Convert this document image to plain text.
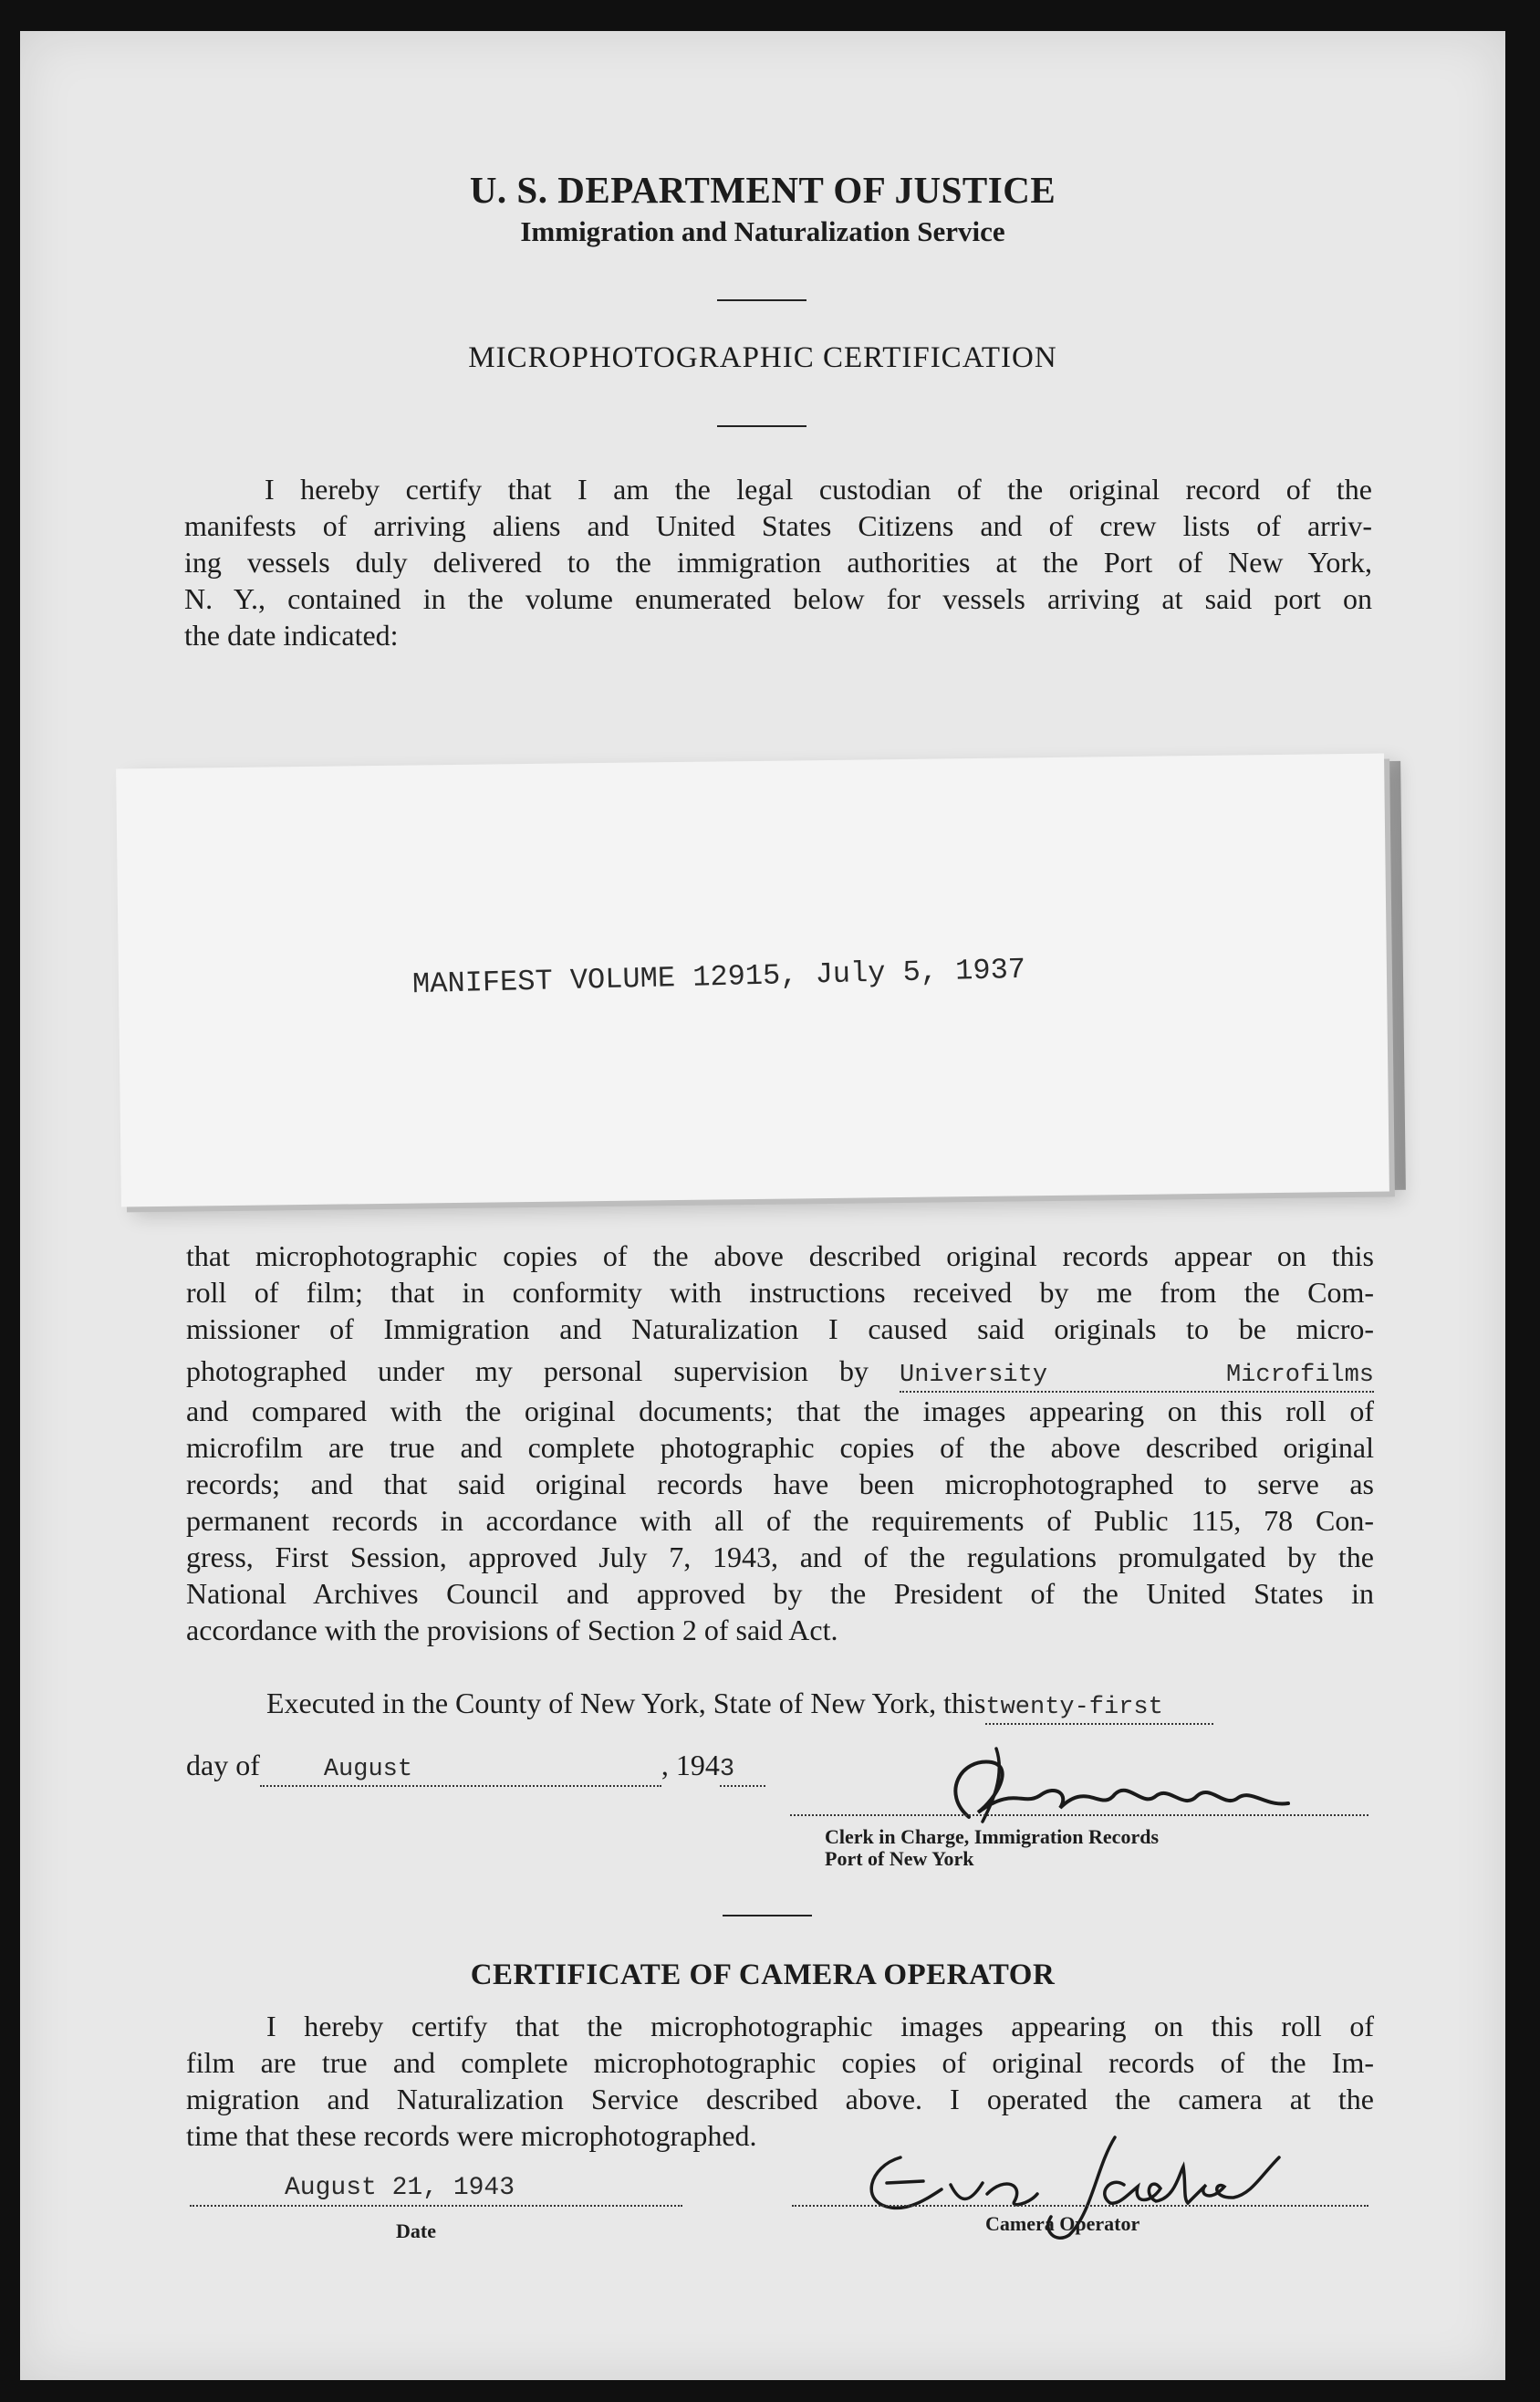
U. S. DEPARTMENT OF JUSTICE
Immigration and Naturalization Service
MICROPHOTOGRAPHIC CERTIFICATION
I hereby certify that I am the legal custodian of the original record of the
manifests of arriving aliens and United States Citizens and of crew lists of arriv-
ing vessels duly delivered to the immigration authorities at the Port of New York,
N. Y., contained in the volume enumerated below for vessels arriving at said port on
the date indicated:
MANIFEST VOLUME 12915, July 5, 1937
that microphotographic copies of the above described original records appear on this
roll of film; that in conformity with instructions received by me from the Com-
missioner of Immigration and Naturalization I caused said originals to be micro-
photographed under my personal supervision by University Microfilms
and compared with the original documents; that the images appearing on this roll of
microfilm are true and complete photographic copies of the above described original
records; and that said original records have been microphotographed to serve as
permanent records in accordance with all of the requirements of Public 115, 78 Con-
gress, First Session, approved July 7, 1943, and of the regulations promulgated by the
National Archives Council and approved by the President of the United States in
accordance with the provisions of Section 2 of said Act.
Executed in the County of New York, State of New York, thistwenty-first
day of	August	, 1943
Clerk in Charge, Immigration Records
Port of New York
CERTIFICATE OF CAMERA OPERATOR
I hereby certify that the microphotographic images appearing on this roll of
film are true and complete microphotographic copies of original records of the Im-
migration and Naturalization Service described above. I operated the camera at the
time that these records were microphotographed.
August 21, 1943
Date	Camera Operator
